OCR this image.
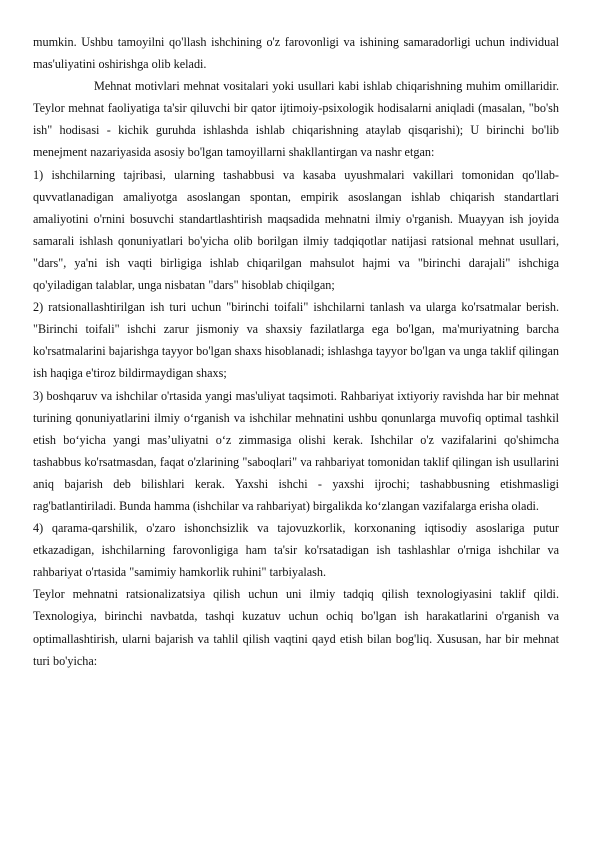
mumkin. Ushbu tamoyilni qo'llash ishchining o'z farovonligi va ishining samaradorligi uchun individual mas'uliyatini oshirishga olib keladi.

Mehnat motivlari mehnat vositalari yoki usullari kabi ishlab chiqarishning muhim omillaridir. Teylor mehnat faoliyatiga ta'sir qiluvchi bir qator ijtimoiy-psixologik hodisalarni aniqladi (masalan, "bo'sh ish" hodisasi - kichik guruhda ishlashda ishlab chiqarishning ataylab qisqarishi); U birinchi bo'lib menejment nazariyasida asosiy bo'lgan tamoyillarni shakllantirgan va nashr etgan:

1) ishchilarning tajribasi, ularning tashabbusi va kasaba uyushmalari vakillari tomonidan qo'llab-quvvatlanadigan amaliyotga asoslangan spontan, empirik asoslangan ishlab chiqarish standartlari amaliyotini o'rnini bosuvchi standartlashtirish maqsadida mehnatni ilmiy o'rganish. Muayyan ish joyida samarali ishlash qonuniyatlari bo'yicha olib borilgan ilmiy tadqiqotlar natijasi ratsional mehnat usullari, "dars", ya'ni ish vaqti birligiga ishlab chiqarilgan mahsulot hajmi va "birinchi darajali" ishchiga qo'yiladigan talablar, unga nisbatan "dars" hisoblab chiqilgan;

2) ratsionallashtirilgan ish turi uchun "birinchi toifali" ishchilarni tanlash va ularga ko'rsatmalar berish. "Birinchi toifali" ishchi zarur jismoniy va shaxsiy fazilatlarga ega bo'lgan, ma'muriyatning barcha ko'rsatmalarini bajarishga tayyor bo'lgan shaxs hisoblanadi; ishlashga tayyor bo'lgan va unga taklif qilingan ish haqiga e'tiroz bildirmaydigan shaxs;

3) boshqaruv va ishchilar o'rtasida yangi mas'uliyat taqsimoti. Rahbariyat ixtiyoriy ravishda har bir mehnat turining qonuniyatlarini ilmiy o‘rganish va ishchilar mehnatini ushbu qonunlarga muvofiq optimal tashkil etish bo‘yicha yangi mas’uliyatni o‘z zimmasiga olishi kerak. Ishchilar o'z vazifalarini qo'shimcha tashabbus ko'rsatmasdan, faqat o'zlarining "saboqlari" va rahbariyat tomonidan taklif qilingan ish usullarini aniq bajarish deb bilishlari kerak. Yaxshi ishchi - yaxshi ijrochi; tashabbusning etishmasligi rag'batlantiriladi. Bunda hamma (ishchilar va rahbariyat) birgalikda ko‘zlangan vazifalarga erisha oladi.

4) qarama-qarshilik, o'zaro ishonchsizlik va tajovuzkorlik, korxonaning iqtisodiy asoslariga putur etkazadigan, ishchilarning farovonligiga ham ta'sir ko'rsatadigan ish tashlashlar o'rniga ishchilar va rahbariyat o'rtasida "samimiy hamkorlik ruhini" tarbiyalash.

Teylor mehnatni ratsionalizatsiya qilish uchun uni ilmiy tadqiq qilish texnologiyasini taklif qildi. Texnologiya, birinchi navbatda, tashqi kuzatuv uchun ochiq bo'lgan ish harakatlarini o'rganish va optimallashtirish, ularni bajarish va tahlil qilish vaqtini qayd etish bilan bog'liq. Xususan, har bir mehnat turi bo'yicha:
